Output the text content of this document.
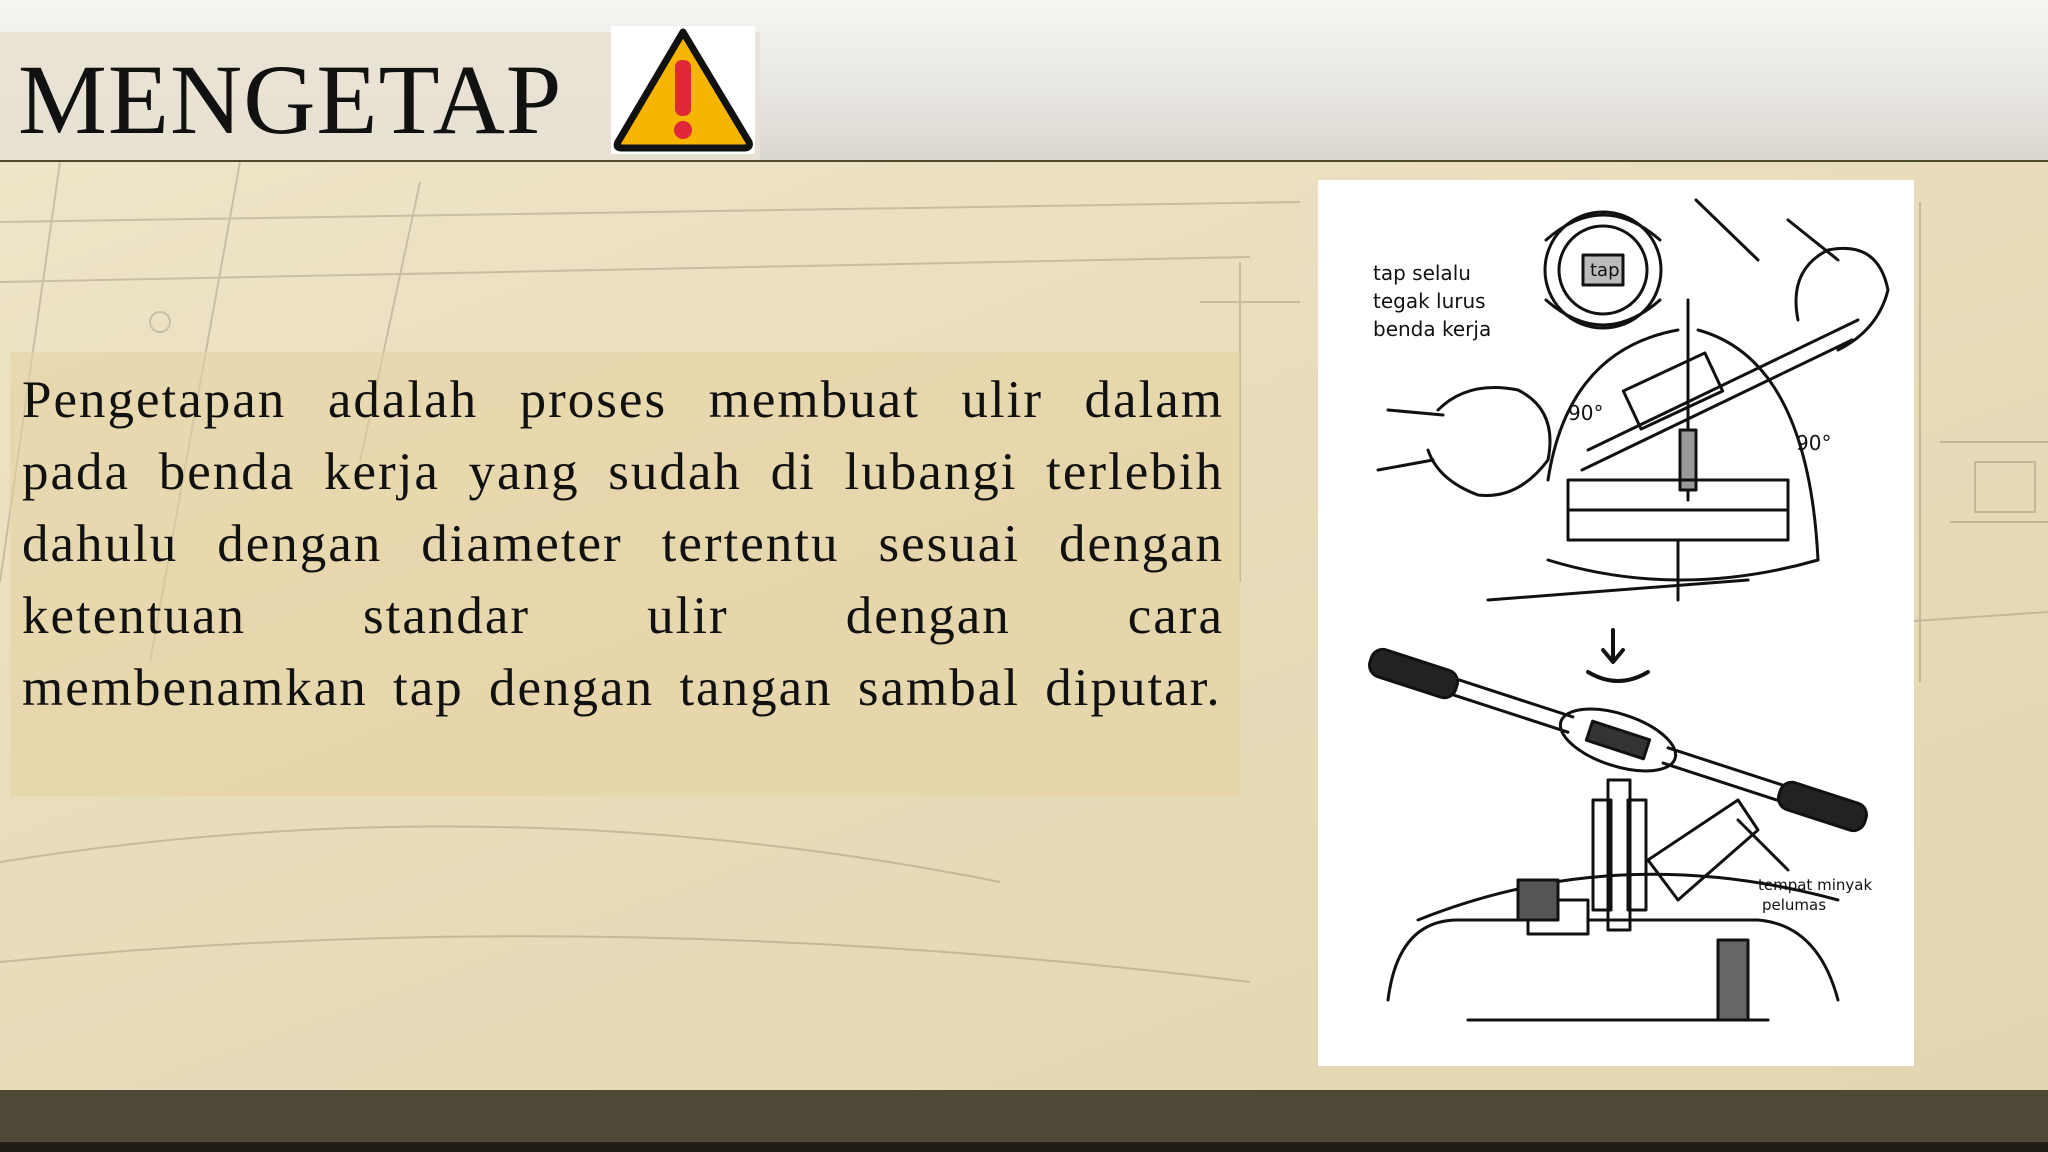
MENGETAP

Pengetapan adalah proses membuat ulir dalam pada benda kerja yang sudah di lubangi terlebih dahulu dengan diameter tertentu sesuai dengan ketentuan standar ulir dengan cara membenamkan tap dengan tangan sambal diputar.

tap selalu
tegak lurus
benda kerja
tap
90°
90°
tempat minyak
pelumas
